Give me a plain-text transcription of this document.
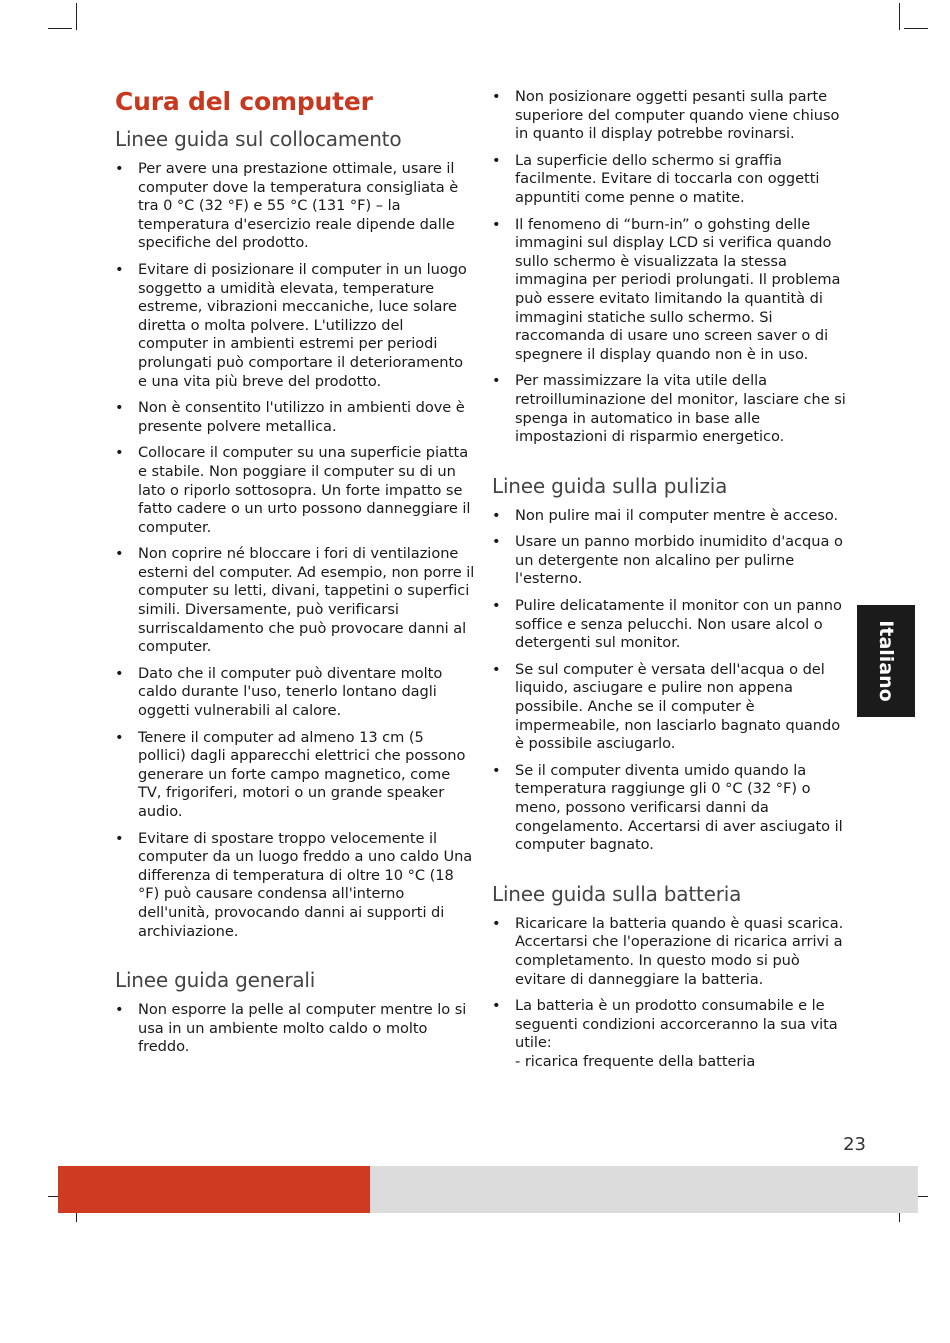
Cura del computer
Linee guida sul collocamento
• Per avere una prestazione ottimale, usare il computer dove la temperatura consigliata è tra 0 °C (32 °F) e 55 °C (131 °F) – la temperatura d'esercizio reale dipende dalle specifiche del prodotto.
• Evitare di posizionare il computer in un luogo soggetto a umidità elevata, temperature estreme, vibrazioni meccaniche, luce solare diretta o molta polvere. L'utilizzo del computer in ambienti estremi per periodi prolungati può comportare il deterioramento e una vita più breve del prodotto.
• Non è consentito l'utilizzo in ambienti dove è presente polvere metallica.
• Collocare il computer su una superficie piatta e stabile. Non poggiare il computer su di un lato o riporlo sottosopra. Un forte impatto se fatto cadere o un urto possono danneggiare il computer.
• Non coprire né bloccare i fori di ventilazione esterni del computer. Ad esempio, non porre il computer su letti, divani, tappetini o superfici simili. Diversamente, può verificarsi surriscaldamento che può provocare danni al computer.
• Dato che il computer può diventare molto caldo durante l'uso, tenerlo lontano dagli oggetti vulnerabili al calore.
• Tenere il computer ad almeno 13 cm (5 pollici) dagli apparecchi elettrici che possono generare un forte campo magnetico, come TV, frigoriferi, motori o un grande speaker audio.
• Evitare di spostare troppo velocemente il computer da un luogo freddo a uno caldo Una differenza di temperatura di oltre 10 °C (18 °F) può causare condensa all'interno dell'unità, provocando danni ai supporti di archiviazione.
Linee guida generali
• Non esporre la pelle al computer mentre lo si usa in un ambiente molto caldo o molto freddo.
• Non posizionare oggetti pesanti sulla parte superiore del computer quando viene chiuso in quanto il display potrebbe rovinarsi.
• La superficie dello schermo si graffia facilmente. Evitare di toccarla con oggetti appuntiti come penne o matite.
• Il fenomeno di “burn-in” o gohsting delle immagini sul display LCD si verifica quando sullo schermo è visualizzata la stessa immagina per periodi prolungati. Il problema può essere evitato limitando la quantità di immagini statiche sullo schermo. Si raccomanda di usare uno screen saver o di spegnere il display quando non è in uso.
• Per massimizzare la vita utile della retroilluminazione del monitor, lasciare che si spenga in automatico in base alle impostazioni di risparmio energetico.
Linee guida sulla pulizia
• Non pulire mai il computer mentre è acceso.
• Usare un panno morbido inumidito d'acqua o un detergente non alcalino per pulirne l'esterno.
• Pulire delicatamente il monitor con un panno soffice e senza pelucchi. Non usare alcol o detergenti sul monitor.
• Se sul computer è versata dell'acqua o del liquido, asciugare e pulire non appena possibile. Anche se il computer è impermeabile, non lasciarlo bagnato quando è possibile asciugarlo.
• Se il computer diventa umido quando la temperatura raggiunge gli 0 °C (32 °F) o meno, possono verificarsi danni da congelamento. Accertarsi di aver asciugato il computer bagnato.
Linee guida sulla batteria
• Ricaricare la batteria quando è quasi scarica. Accertarsi che l'operazione di ricarica arrivi a completamento. In questo modo si può evitare di danneggiare la batteria.
• La batteria è un prodotto consumabile e le seguenti condizioni accorceranno la sua vita utile:
- ricarica frequente della batteria
Italiano
23
